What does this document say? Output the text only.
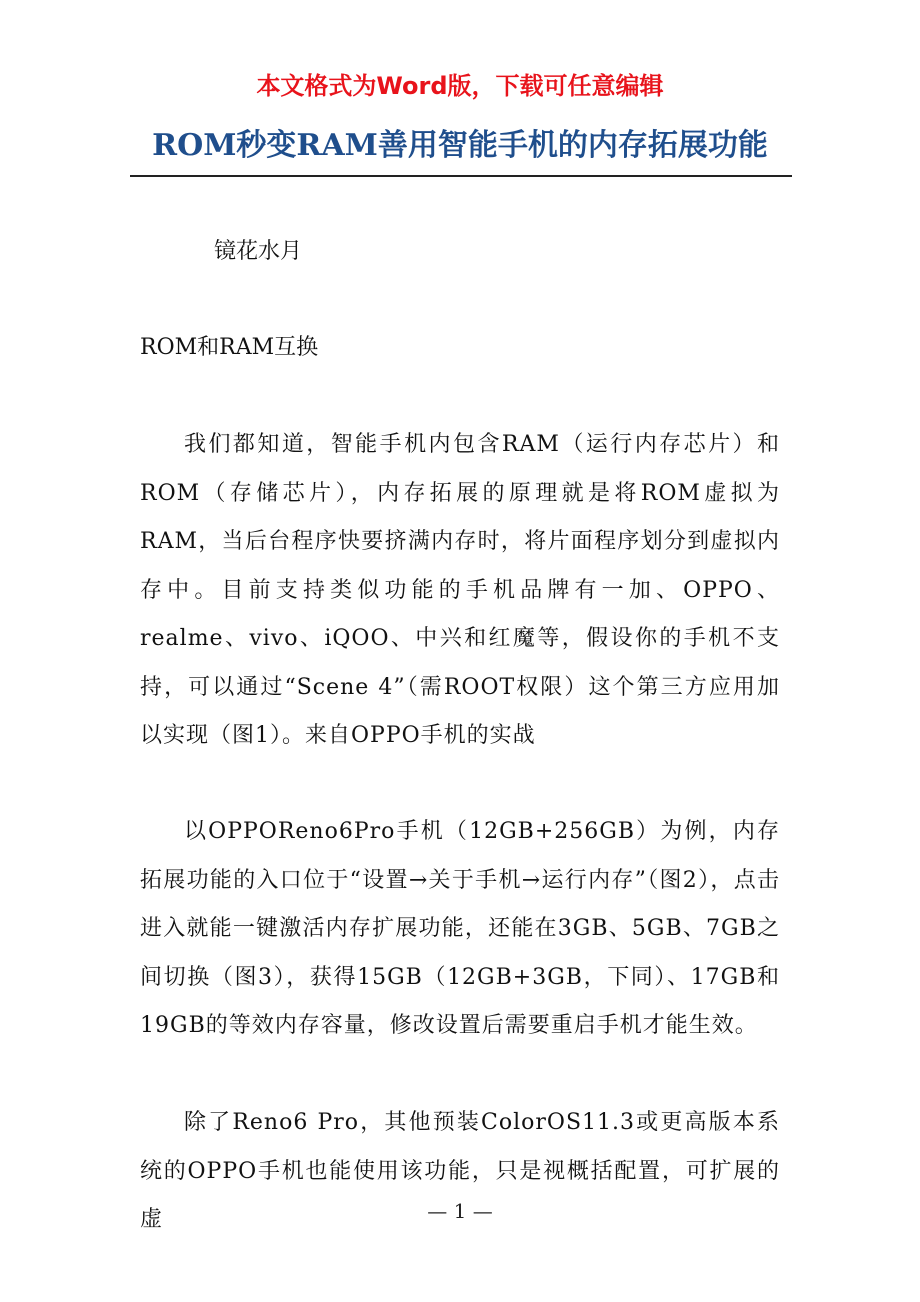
本文格式为Word版，下载可任意编辑
ROM秒变RAM善用智能手机的内存拓展功能
镜花水月
ROM和RAM互换

我们都知道，智能手机内包含RAM（运行内存芯片）和ROM（存储芯片），内存拓展的原理就是将ROM虚拟为RAM，当后台程序快要挤满内存时，将片面程序划分到虚拟内存中。目前支持类似功能的手机品牌有一加、OPPO、realme、vivo、iQOO、中兴和红魔等，假设你的手机不支持，可以通过“Scene 4”（需ROOT权限）这个第三方应用加以实现（图1）。来自OPPO手机的实战

以OPPOReno6Pro手机（12GB+256GB）为例，内存拓展功能的入口位于“设置→关于手机→运行内存”（图2），点击进入就能一键激活内存扩展功能，还能在3GB、5GB、7GB之间切换（图3），获得15GB（12GB+3GB，下同）、17GB和19GB的等效内存容量，修改设置后需要重启手机才能生效。

除了Reno6 Pro，其他预装ColorOS11.3或更高版本系统的OPPO手机也能使用该功能，只是视概括配置，可扩展的虚	— 1 —
